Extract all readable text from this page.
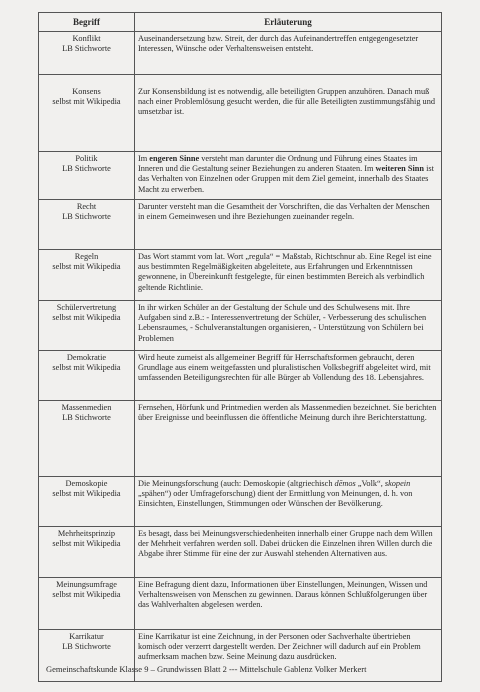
Begriff	Erläuterung

Konflikt
LB Stichworte	Auseinandersetzung bzw. Streit, der durch das Aufeinandertreffen entgegengesetzter Interessen, Wünsche oder Verhaltensweisen entsteht.

Konsens
selbst mit Wikipedia	Zur Konsensbildung ist es notwendig, alle beteiligten Gruppen anzuhören. Danach muß nach einer Problemlösung gesucht werden, die für alle Beteiligten zustimmungsfähig und umsetzbar ist.

Politik
LB Stichworte	Im engeren Sinne versteht man darunter die Ordnung und Führung eines Staates im Inneren und die Gestaltung seiner Beziehungen zu anderen Staaten. Im weiteren Sinn ist das Verhalten von Einzelnen oder Gruppen mit dem Ziel gemeint, innerhalb des Staates Macht zu erwerben.

Recht
LB Stichworte	Darunter versteht man die Gesamtheit der Vorschriften, die das Verhalten der Menschen in einem Gemeinwesen und ihre Beziehungen zueinander regeln.

Regeln
selbst mit Wikipedia	Das Wort stammt vom lat. Wort „regula“ = Maßstab, Richtschnur ab. Eine Regel ist eine aus bestimmten Regelmäßigkeiten abgeleitete, aus Erfahrungen und Erkenntnissen gewonnene, in Übereinkunft festgelegte, für einen bestimmten Bereich als verbindlich geltende Richtlinie.

Schülervertretung
selbst mit Wikipedia	In ihr wirken Schüler an der Gestaltung der Schule und des Schulwesens mit. Ihre Aufgaben sind z.B.: - Interessenvertretung der Schüler, - Verbesserung des schulischen Lebensraumes, - Schulveranstaltungen organisieren, - Unterstützung von Schülern bei Problemen

Demokratie
selbst mit Wikipedia	Wird heute zumeist als allgemeiner Begriff für Herrschaftsformen gebraucht, deren Grundlage aus einem weitgefassten und pluralistischen Volksbegriff abgeleitet wird, mit umfassenden Beteiligungsrechten für alle Bürger ab Vollendung des 18. Lebensjahres.

Massenmedien
LB Stichworte	Fernsehen, Hörfunk und Printmedien werden als Massenmedien bezeichnet. Sie berichten über Ereignisse und beeinflussen die öffentliche Meinung durch ihre Berichterstattung.

Demoskopie
selbst mit Wikipedia	Die Meinungsforschung (auch: Demoskopie (altgriechisch dēmos „Volk“, skopein „spähen“) oder Umfrageforschung) dient der Ermittlung von Meinungen, d. h. von Einsichten, Einstellungen, Stimmungen oder Wünschen der Bevölkerung.

Mehrheitsprinzip
selbst mit Wikipedia	Es besagt, dass bei Meinungsverschiedenheiten innerhalb einer Gruppe nach dem Willen der Mehrheit verfahren werden soll. Dabei drücken die Einzelnen ihren Willen durch die Abgabe ihrer Stimme für eine der zur Auswahl stehenden Alternativen aus.

Meinungsumfrage
selbst mit Wikipedia	Eine Befragung dient dazu, Informationen über Einstellungen, Meinungen, Wissen und Verhaltensweisen von Menschen zu gewinnen. Daraus können Schlußfolgerungen über das Wahlverhalten abgelesen werden.

Karrikatur
LB Stichworte	Eine Karrikatur ist eine Zeichnung, in der Personen oder Sachverhalte übertrieben komisch oder verzerrt dargestellt werden. Der Zeichner will dadurch auf ein Problem aufmerksam machen bzw. Seine Meinung dazu ausdrücken.
Gemeinschaftskunde Klasse 9 – Grundwissen Blatt 2 --- Mittelschule Gablenz Volker Merkert
